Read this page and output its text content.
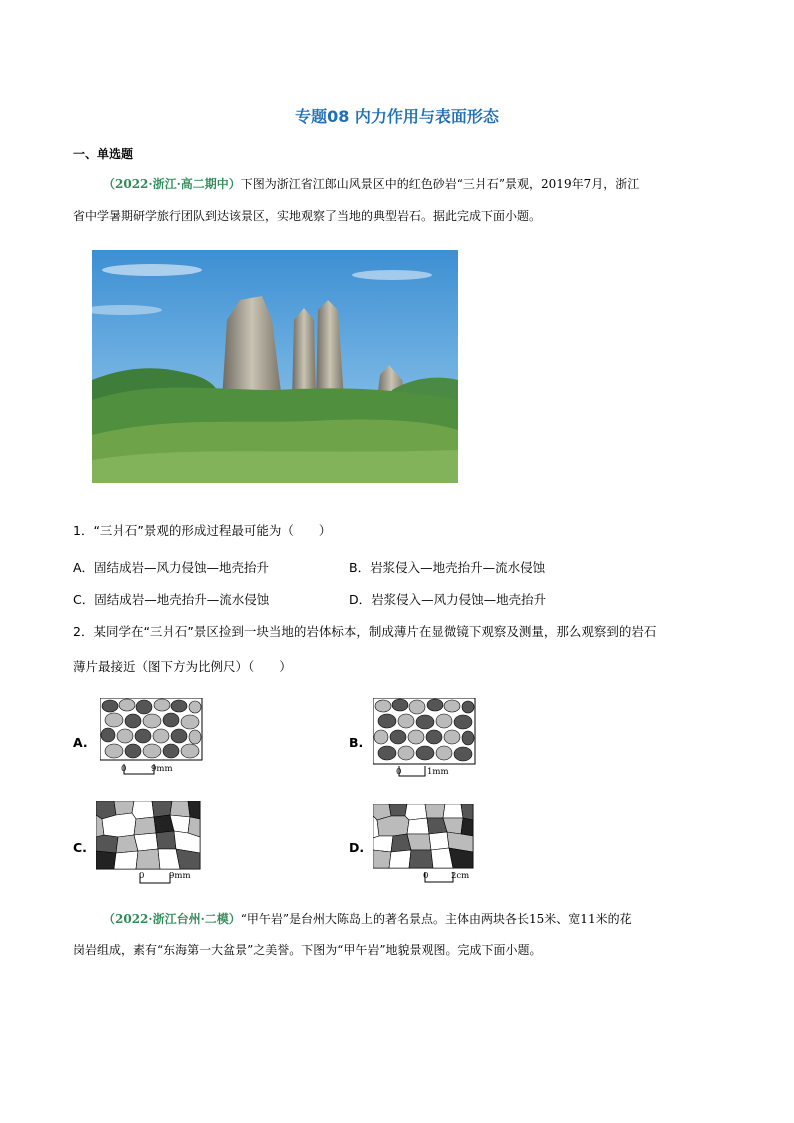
专题08 内力作用与表面形态
一、单选题
（2022·浙江·高二期中）下图为浙江省江郎山风景区中的红色砂岩“三爿石”景观，2019年7月，浙江
省中学暑期研学旅行团队到达该景区，实地观察了当地的典型岩石。据此完成下面小题。
1．“三爿石”景观的形成过程最可能为（　　）
A．固结成岩—风力侵蚀—地壳抬升	B．岩浆侵入—地壳抬升—流水侵蚀
C．固结成岩—地壳抬升—流水侵蚀	D．岩浆侵入—风力侵蚀—地壳抬升
2．某同学在“三爿石”景区捡到一块当地的岩体标本，制成薄片在显微镜下观察及测量，那么观察到的岩石
薄片最接近（图下方为比例尺）（　　）
A.
0	9mm
B.
0	1mm
C.
0	9mm
D.
0	2cm
（2022·浙江台州·二模）“甲午岩”是台州大陈岛上的著名景点。主体由两块各长15米、宽11米的花
岗岩组成，素有“东海第一大盆景”之美誉。下图为“甲午岩”地貌景观图。完成下面小题。
